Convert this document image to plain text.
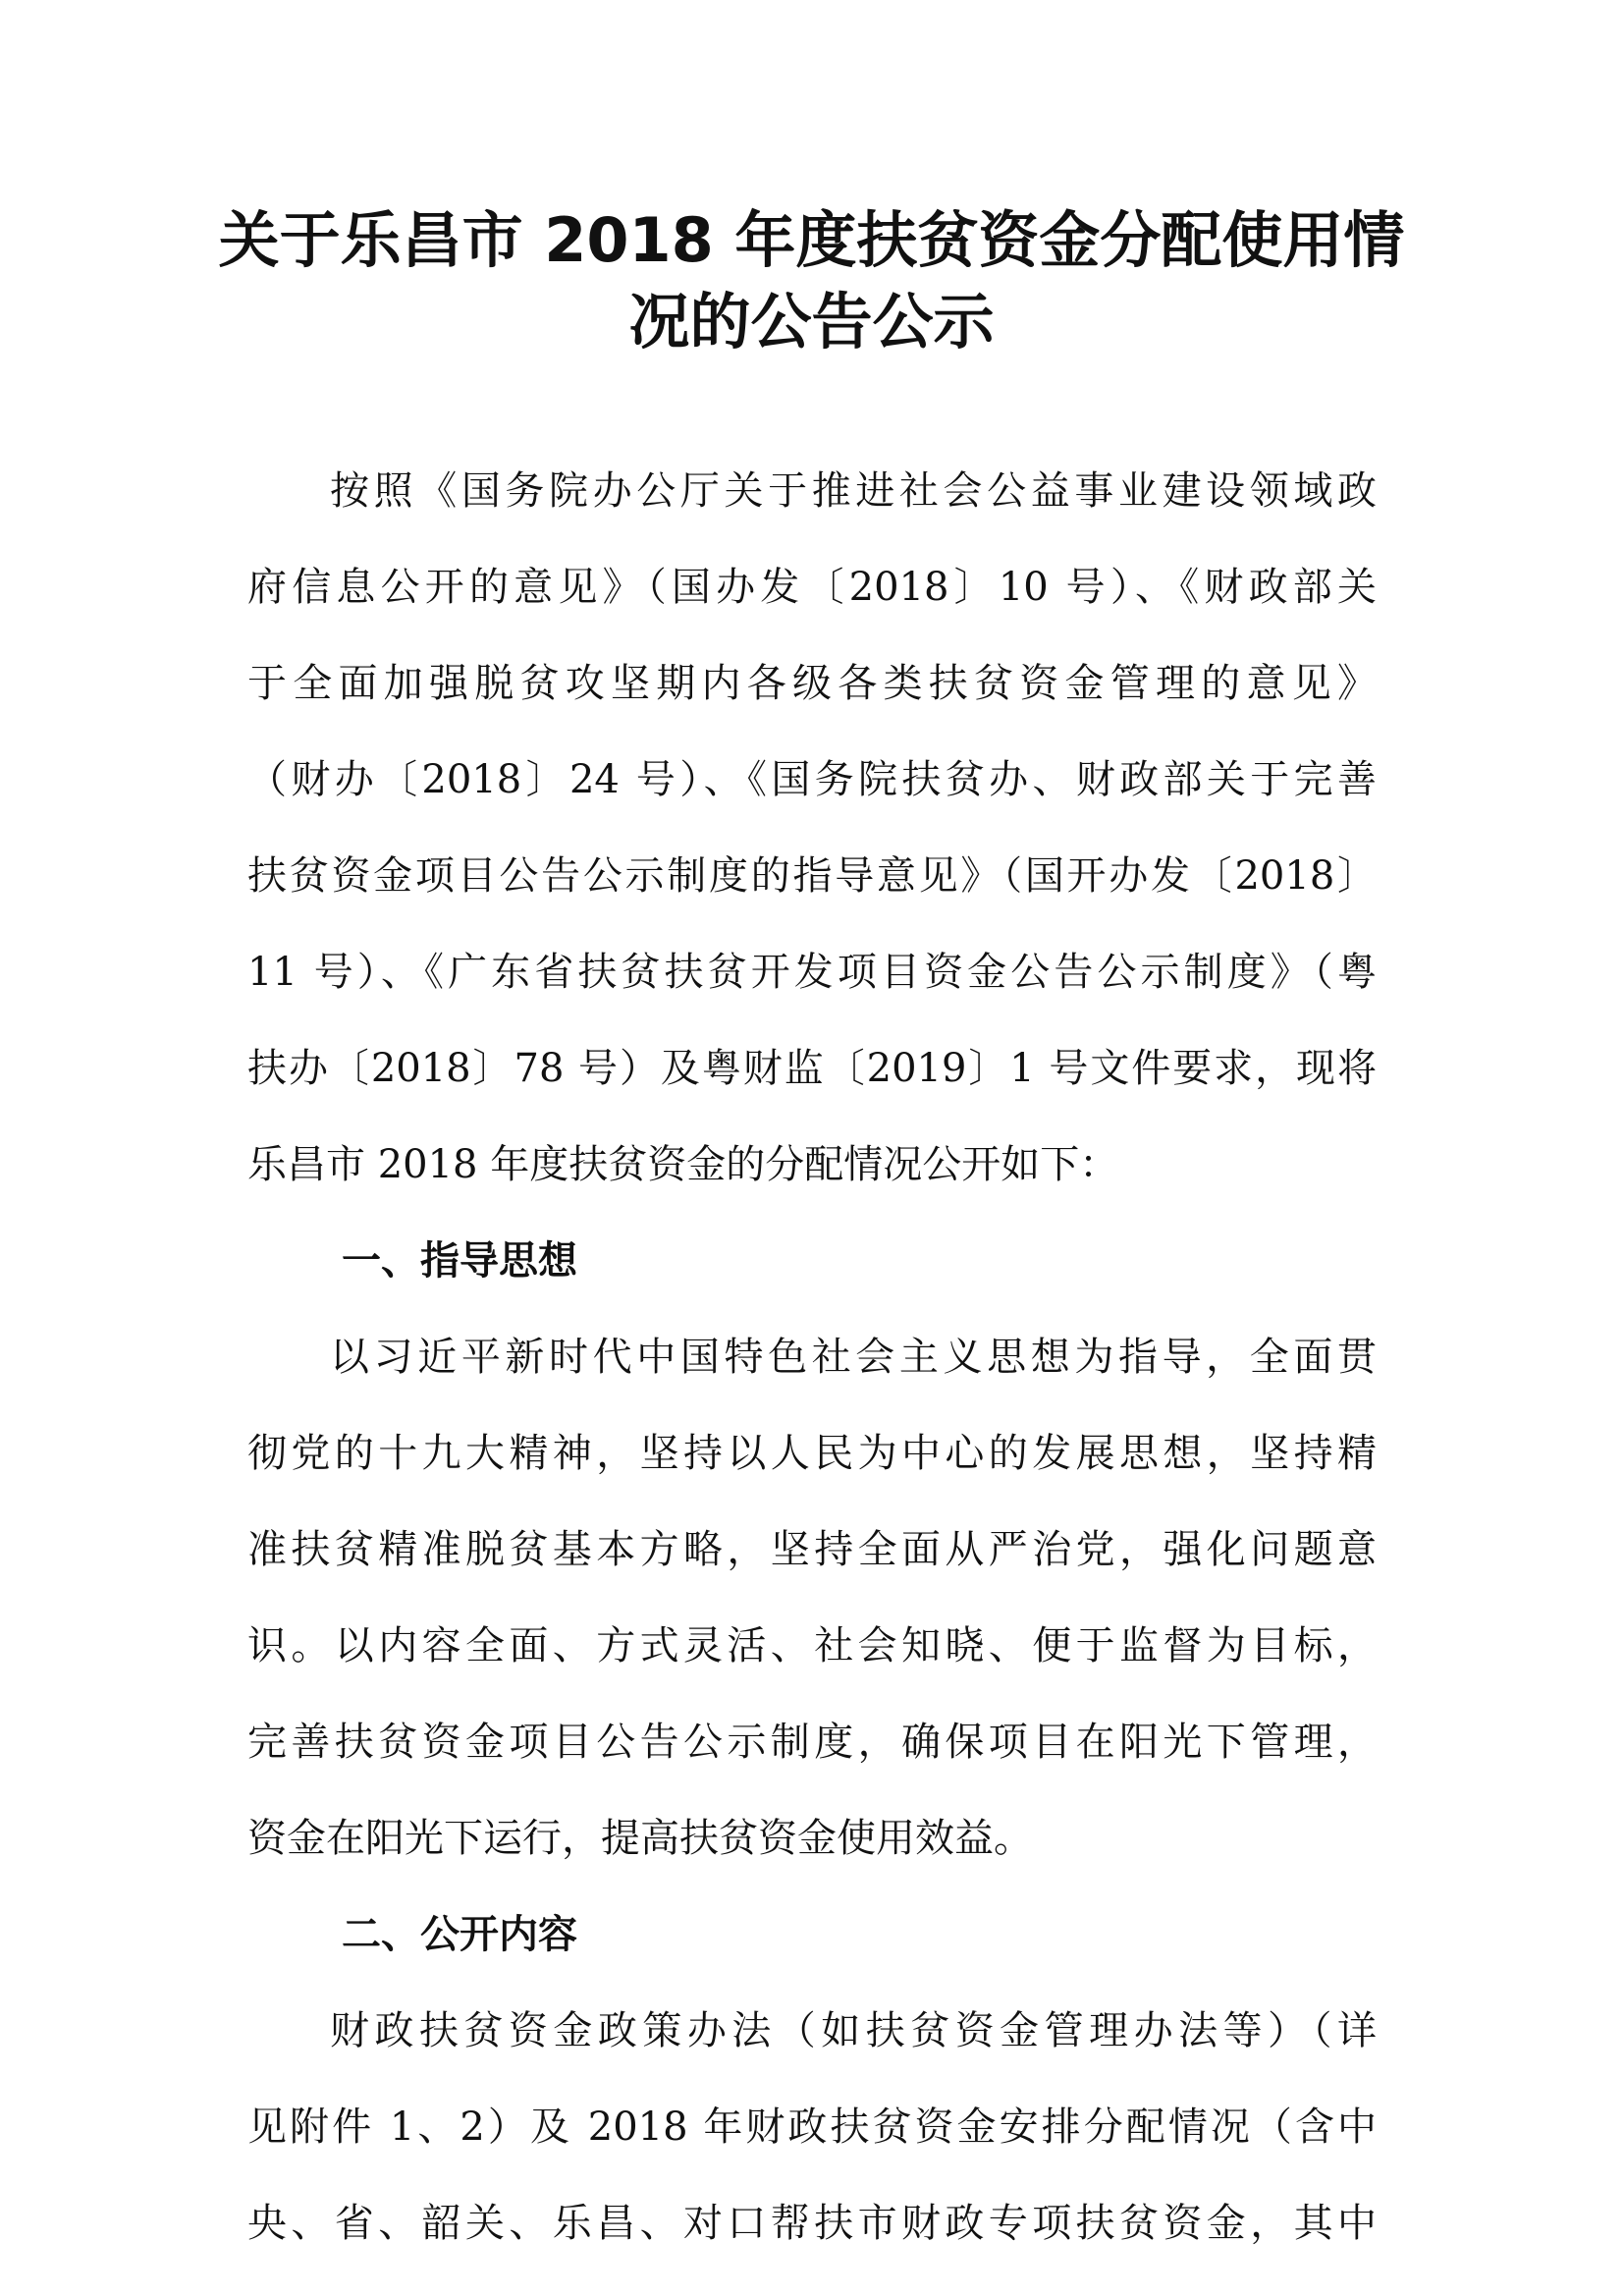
关于乐昌市 2018 年度扶贫资金分配使用情
况的公告公示
按照《国务院办公厅关于推进社会公益事业建设领域政
府信息公开的意见》（国办发〔2018〕10 号）、《财政部关
于全面加强脱贫攻坚期内各级各类扶贫资金管理的意见》
（财办〔2018〕24 号）、《国务院扶贫办、财政部关于完善
扶贫资金项目公告公示制度的指导意见》（国开办发〔2018〕
11 号）、《广东省扶贫扶贫开发项目资金公告公示制度》（粤
扶办〔2018〕78 号）及粤财监〔2019〕1 号文件要求，现将
乐昌市 2018 年度扶贫资金的分配情况公开如下：
一、指导思想
以习近平新时代中国特色社会主义思想为指导，全面贯
彻党的十九大精神，坚持以人民为中心的发展思想，坚持精
准扶贫精准脱贫基本方略，坚持全面从严治党，强化问题意
识。以内容全面、方式灵活、社会知晓、便于监督为目标，
完善扶贫资金项目公告公示制度，确保项目在阳光下管理，
资金在阳光下运行，提高扶贫资金使用效益。
二、公开内容
财政扶贫资金政策办法（如扶贫资金管理办法等）（详
见附件 1、2）及 2018 年财政扶贫资金安排分配情况（含中
央、省、韶关、乐昌、对口帮扶市财政专项扶贫资金，其中
